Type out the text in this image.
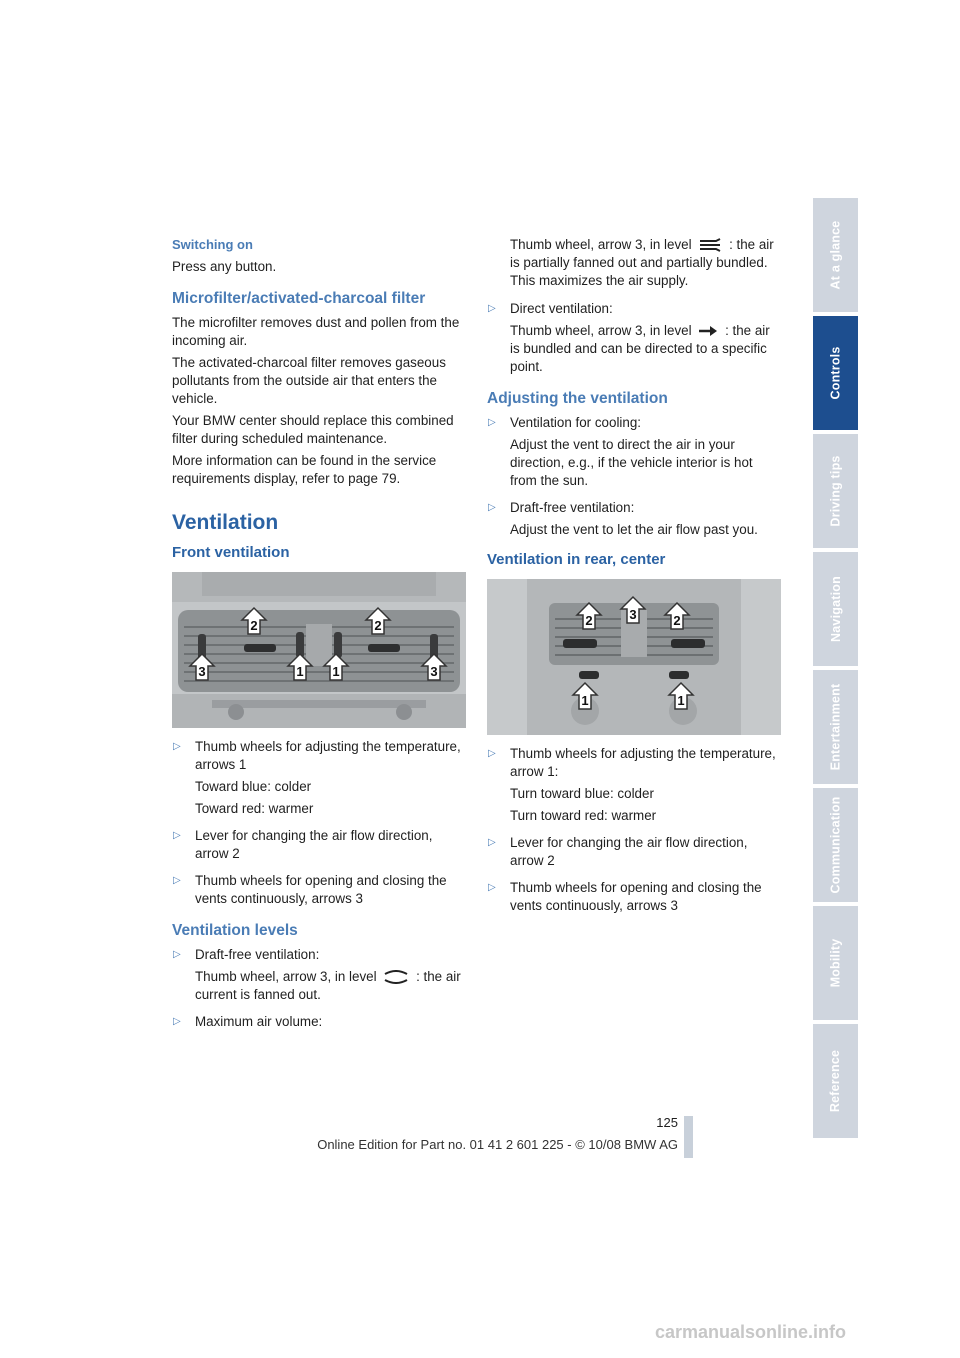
Switching on

Press any button.

Microfilter/activated-charcoal filter

The microfilter removes dust and pollen from the incoming air.

The activated-charcoal filter removes gaseous pollutants from the outside air that enters the vehicle.

Your BMW center should replace this combined filter during scheduled maintenance.

More information can be found in the service requirements display, refer to page 79.

Ventilation
Front ventilation
2	2
3	1 1	3
▷ Thumb wheels for adjusting the temperature, arrows 1

Toward blue: colder

Toward red: warmer

▷ Lever for changing the air flow direction, arrow 2

▷ Thumb wheels for opening and closing the vents continuously, arrows 3

Ventilation levels
▷ Draft-free ventilation:

Thumb wheel, arrow 3, in level	: the air current is fanned out.

▷ Maximum air volume:

Thumb wheel, arrow 3, in level	: the air is partially fanned out and partially bundled. This maximizes the air supply.

▷ Direct ventilation:

Thumb wheel, arrow 3, in level : the air is bundled and can be directed to a specific point.

Adjusting the ventilation
▷ Ventilation for cooling:

Adjust the vent to direct the air in your direction, e.g., if the vehicle interior is hot from the sun.

▷ Draft-free ventilation:

Adjust the vent to let the air flow past you.

Ventilation in rear, center
2	3	2
1	1
▷ Thumb wheels for adjusting the temperature, arrow 1:

Turn toward blue: colder

Turn toward red: warmer

▷ Lever for changing the air flow direction, arrow 2

▷ Thumb wheels for opening and closing the vents continuously, arrows 3

At a glance
Controls
Driving tips
Navigation
Entertainment
Communication
Mobility
Reference
125
Online Edition for Part no. 01 41 2 601 225 - © 10/08 BMW AG
carmanualsonline.info
